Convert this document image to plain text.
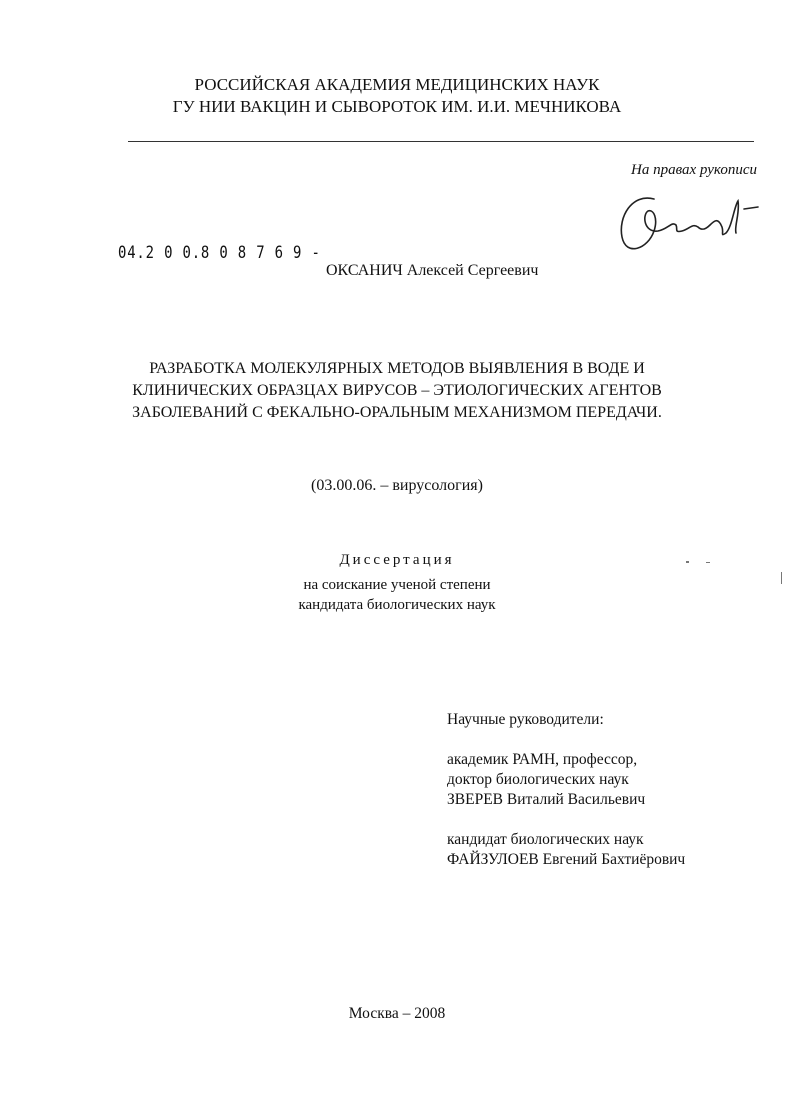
РОССИЙСКАЯ АКАДЕМИЯ МЕДИЦИНСКИХ НАУК
ГУ НИИ ВАКЦИН И СЫВОРОТОК ИМ. И.И. МЕЧНИКОВА
На правах рукописи
04.2 0 0.8 0 8 7 6 9 -
ОКСАНИЧ Алексей Сергеевич
РАЗРАБОТКА МОЛЕКУЛЯРНЫХ МЕТОДОВ ВЫЯВЛЕНИЯ В ВОДЕ И
КЛИНИЧЕСКИХ ОБРАЗЦАХ ВИРУСОВ – ЭТИОЛОГИЧЕСКИХ АГЕНТОВ
ЗАБОЛЕВАНИЙ С ФЕКАЛЬНО-ОРАЛЬНЫМ МЕХАНИЗМОМ ПЕРЕДАЧИ.
(03.00.06. – вирусология)
Диссертация
на соискание ученой степени
кандидата биологических наук
Научные руководители:
академик РАМН, профессор,
доктор биологических наук
ЗВЕРЕВ Виталий Васильевич
кандидат биологических наук
ФАЙЗУЛОЕВ Евгений Бахтиёрович
Москва – 2008
